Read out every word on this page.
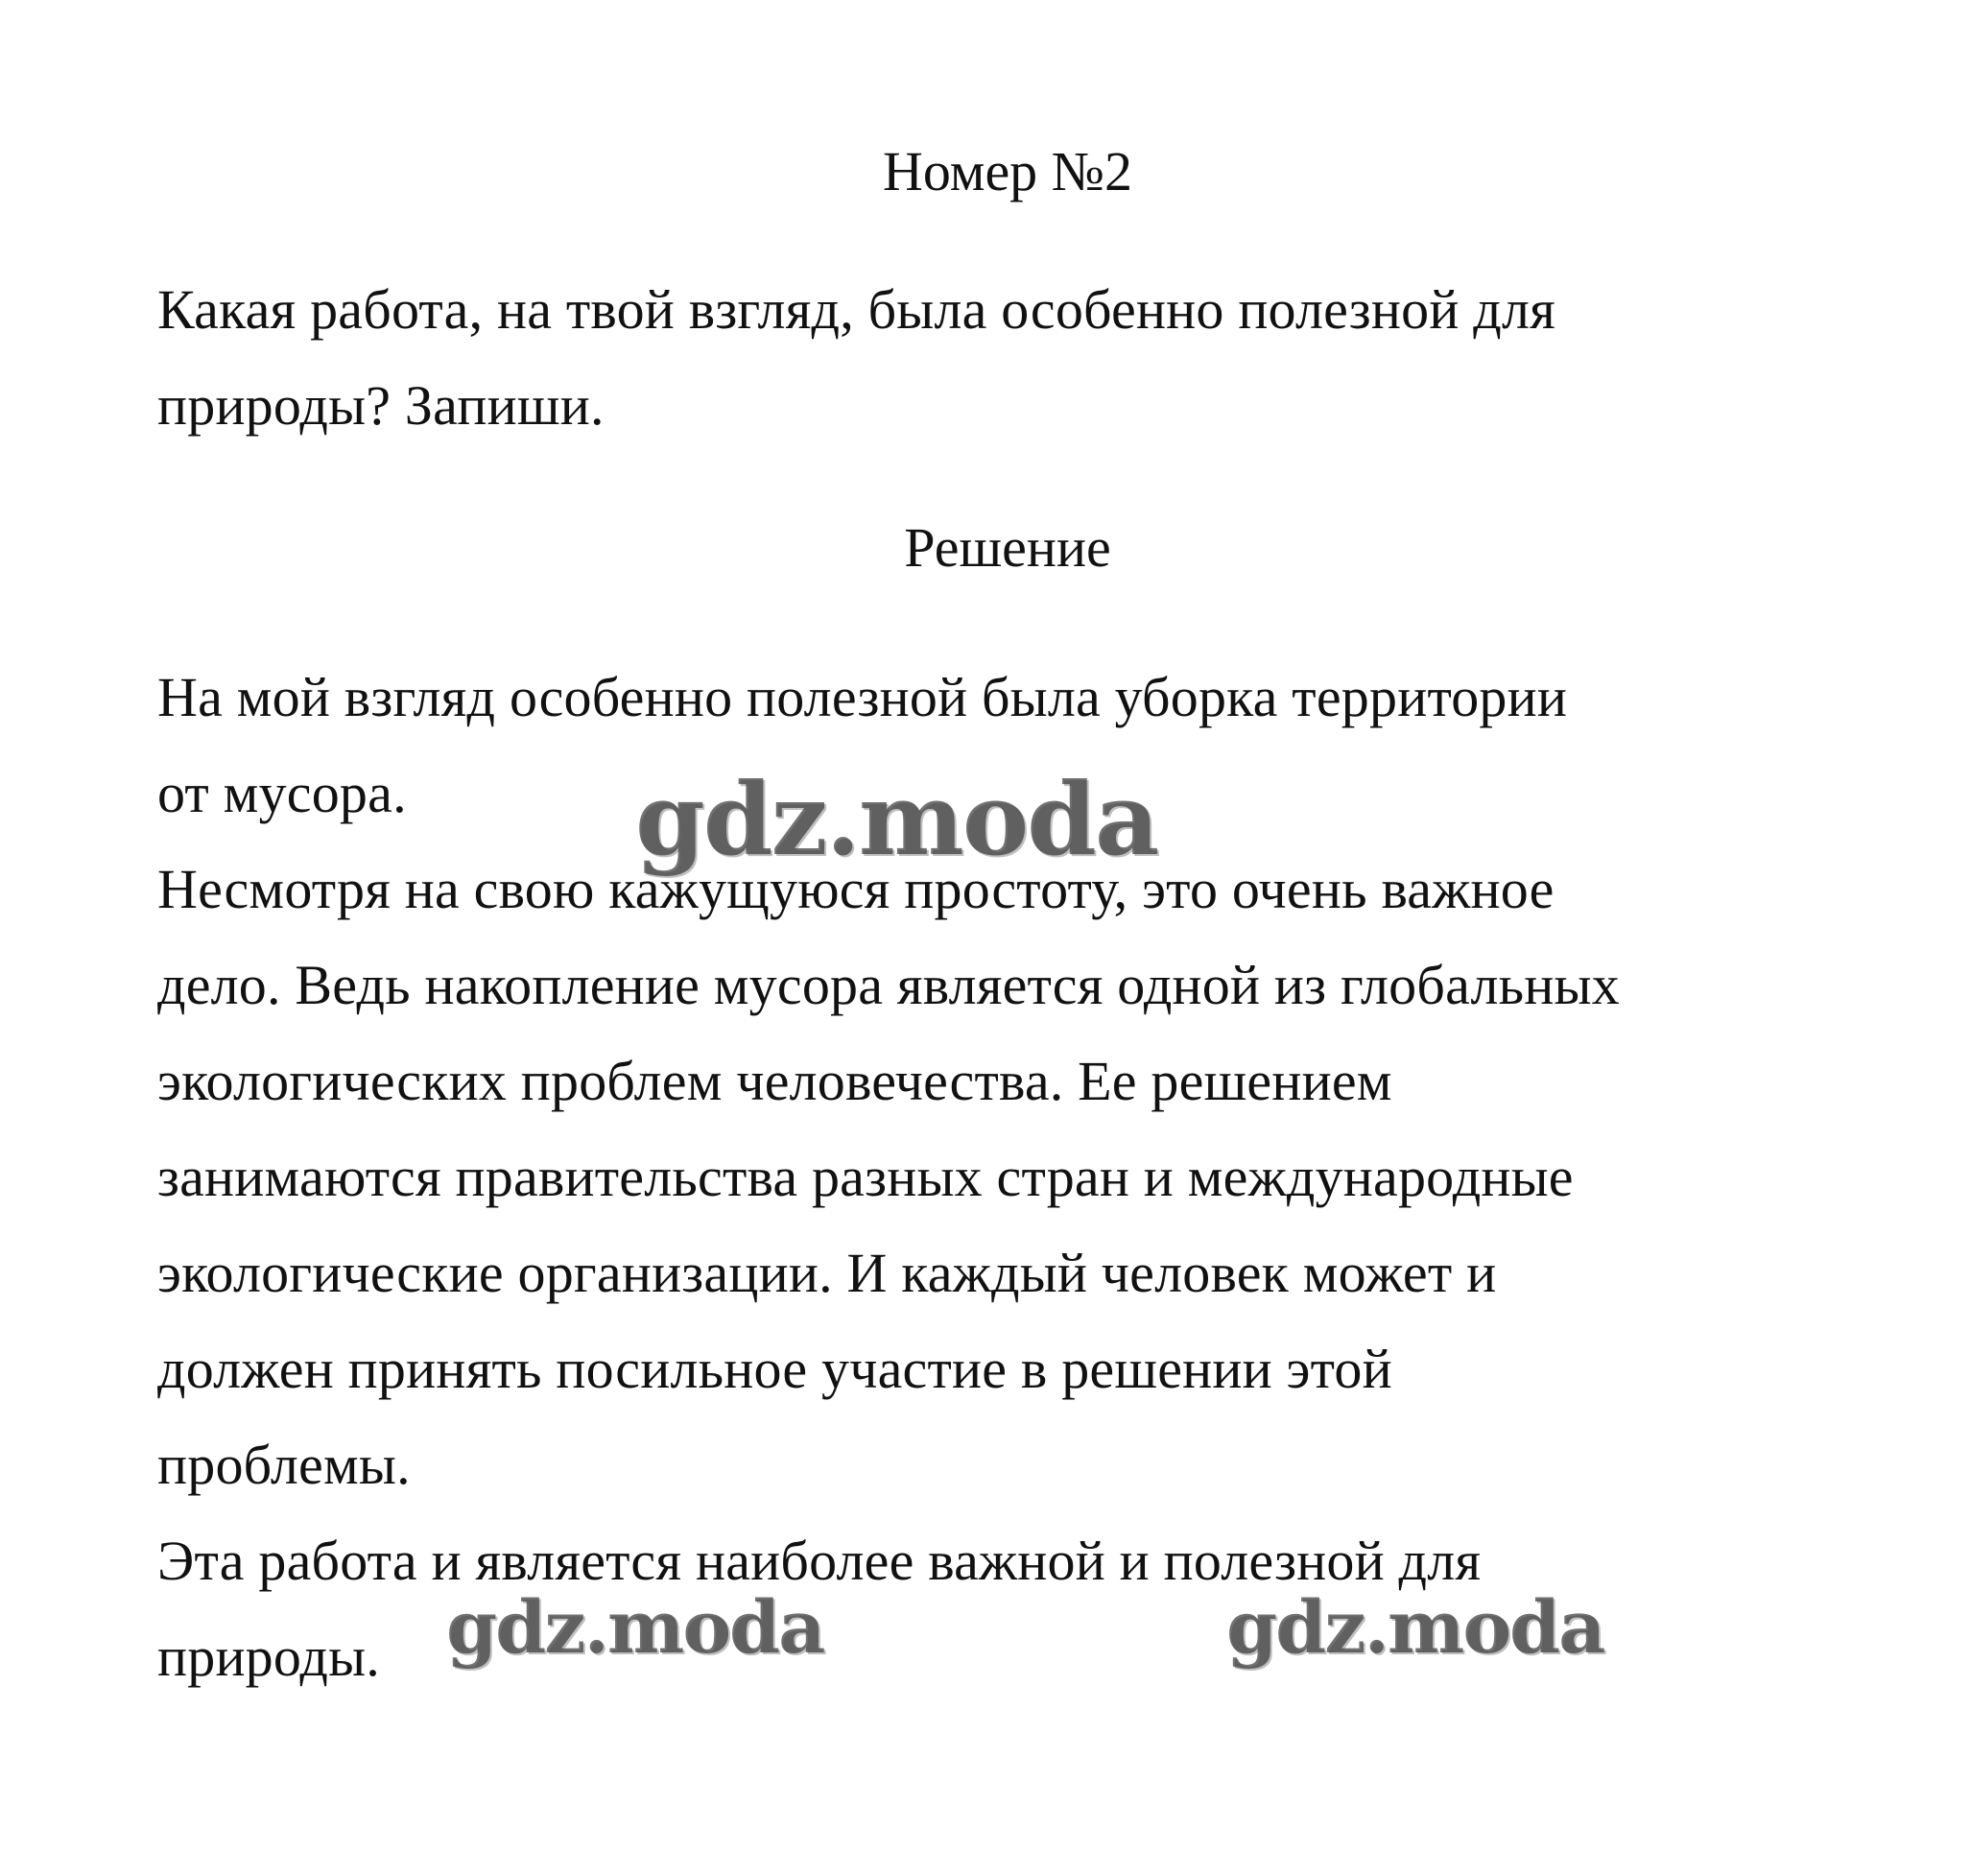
Номер №2
Какая работа, на твой взгляд, была особенно полезной для
природы? Запиши.
Решение
На мой взгляд особенно полезной была уборка территории
от мусора.
Несмотря на свою кажущуюся простоту, это очень важное
дело. Ведь накопление мусора является одной из глобальных
экологических проблем человечества. Ее решением
занимаются правительства разных стран и международные
экологические организации. И каждый человек может и
должен принять посильное участие в решении этой
проблемы.
Эта работа и является наиболее важной и полезной для
природы.
gdz.moda
gdz.moda	gdz.moda
